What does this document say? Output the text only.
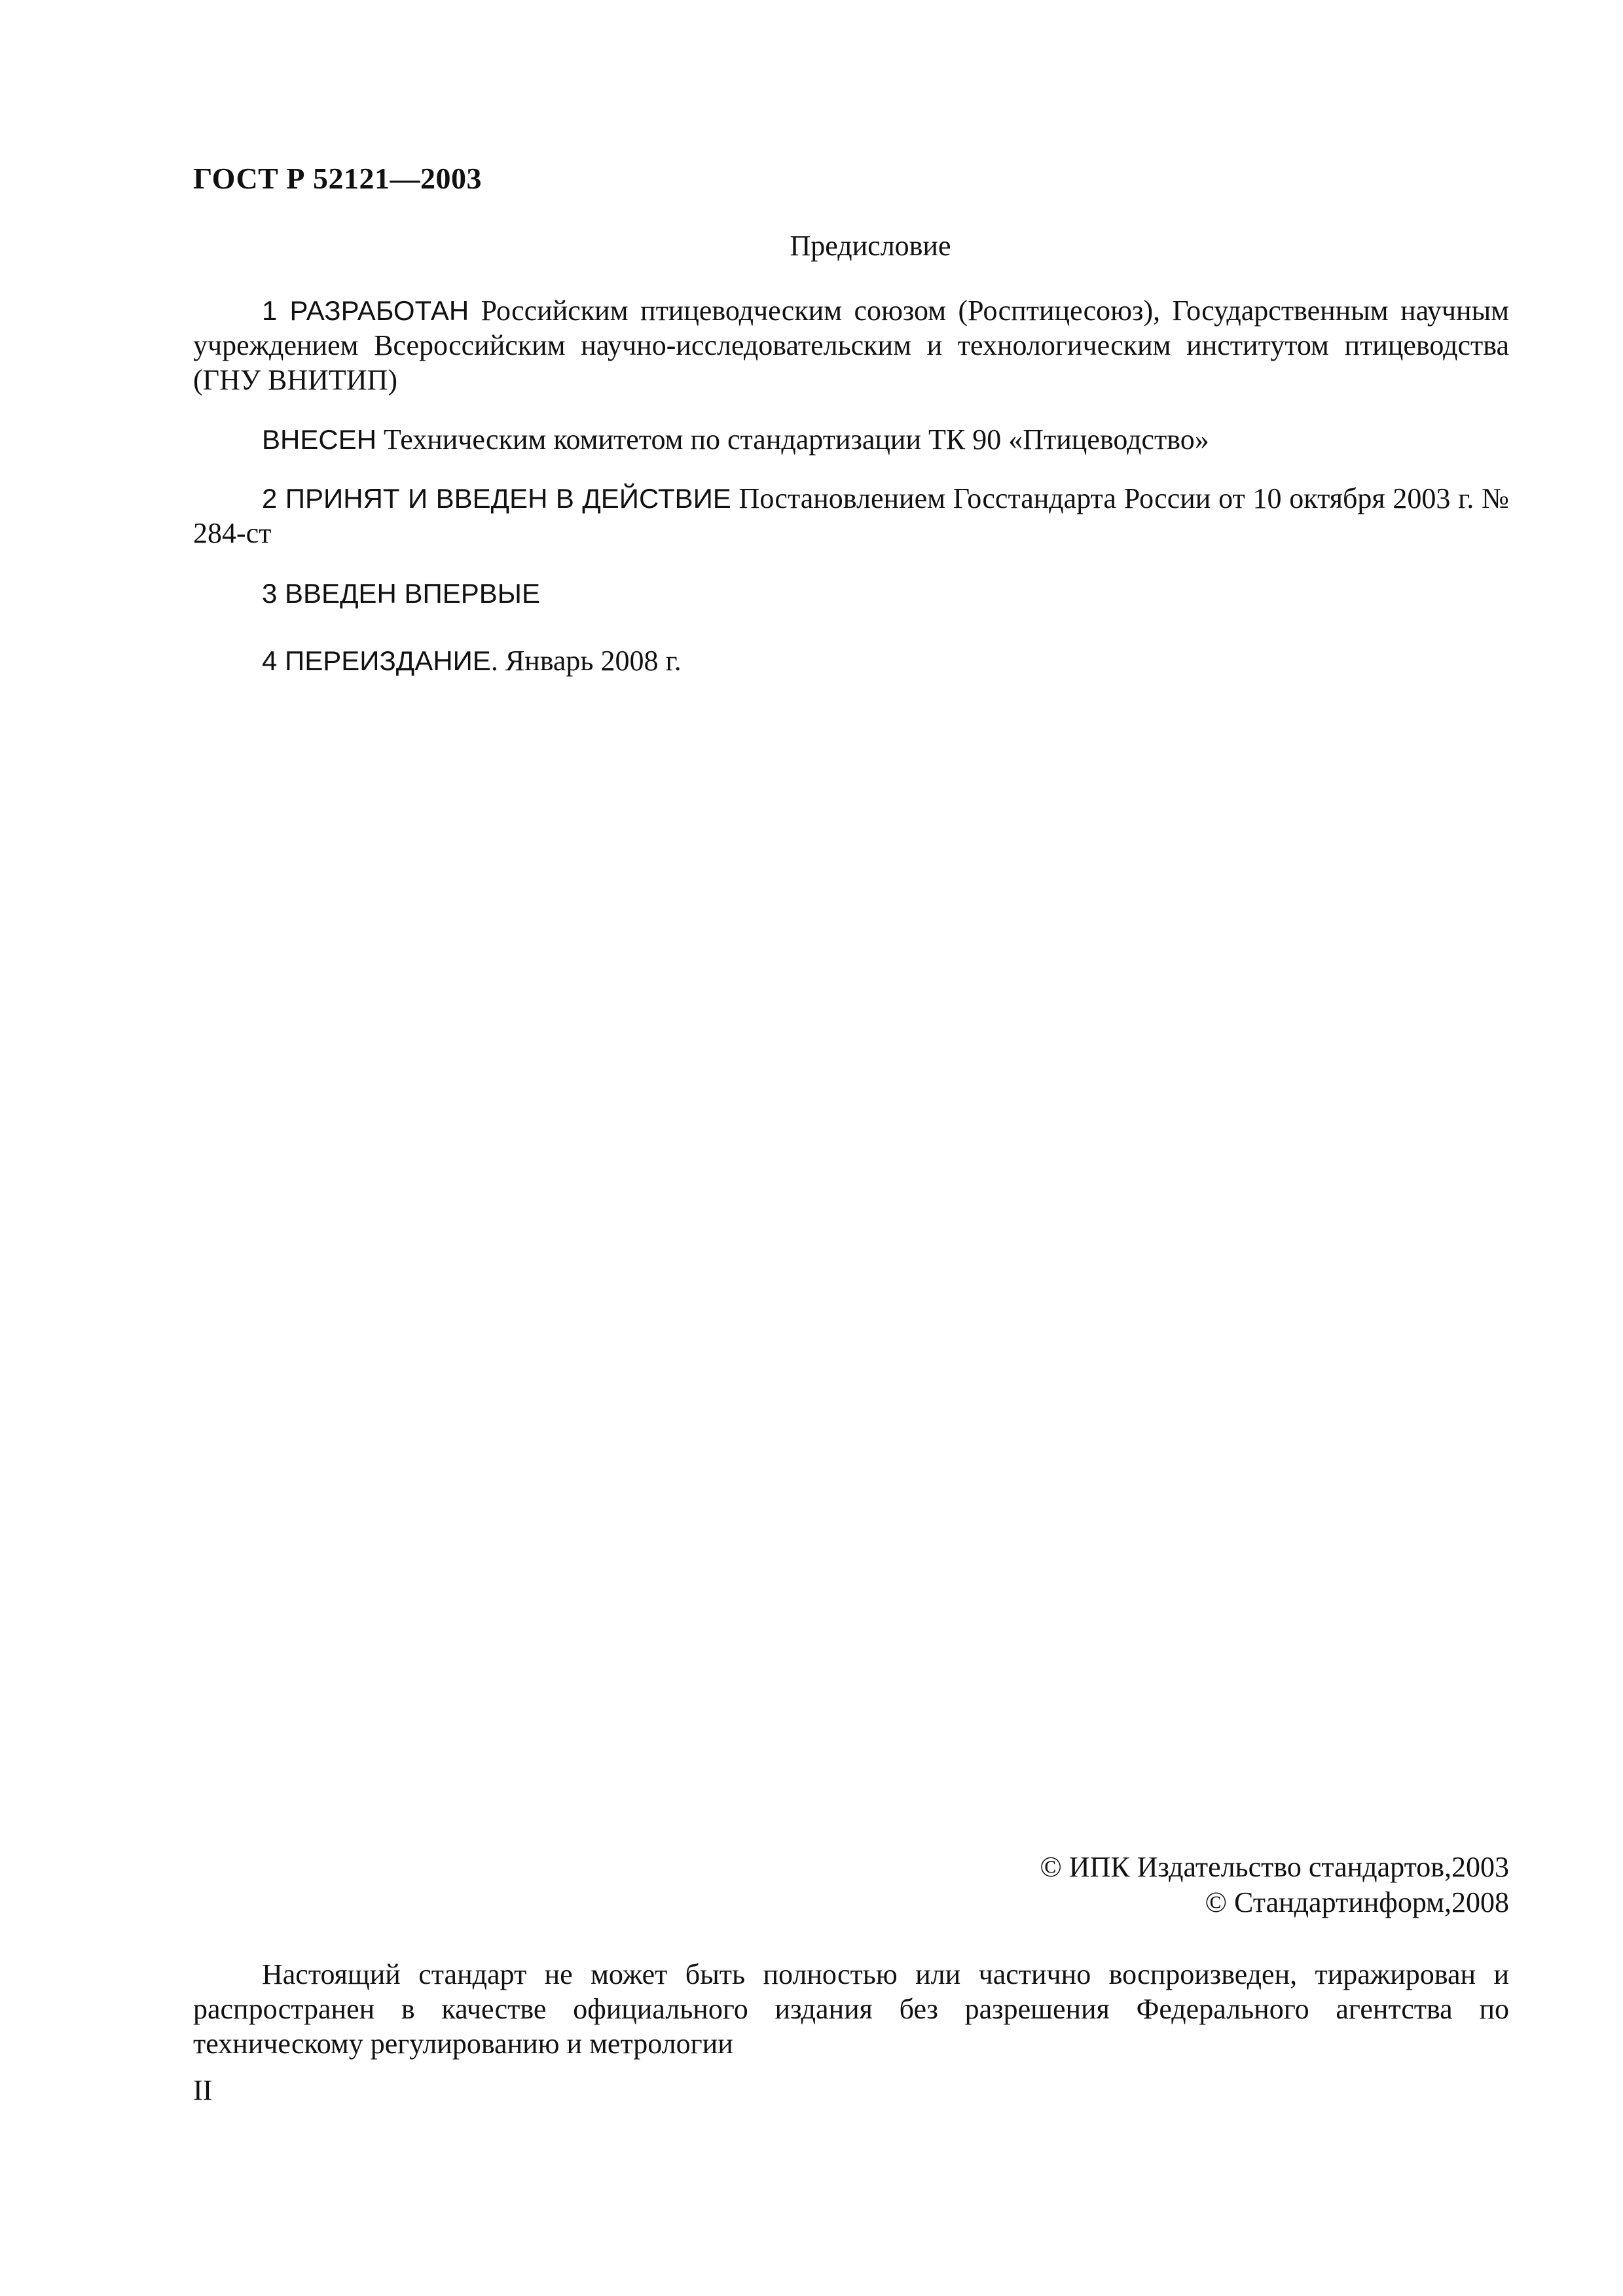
ГОСТ Р 52121—2003
Предисловие

1 РАЗРАБОТАН Российским птицеводческим союзом (Росптицесоюз), Государственным научным учреждением Всероссийским научно-исследовательским и технологическим институтом птицеводства (ГНУ ВНИТИП)

ВНЕСЕН Техническим комитетом по стандартизации ТК 90 «Птицеводство»

2 ПРИНЯТ И ВВЕДЕН В ДЕЙСТВИЕ Постановлением Госстандарта России от 10 октября 2003 г. № 284-ст

3 ВВЕДЕН ВПЕРВЫЕ

4 ПЕРЕИЗДАНИЕ. Январь 2008 г.

© ИПК Издательство стандартов,2003
© Стандартинформ,2008

Настоящий стандарт не может быть полностью или частично воспроизведен, тиражирован и распространен в качестве официального издания без разрешения Федерального агентства по техническому регулированию и метрологии

II
